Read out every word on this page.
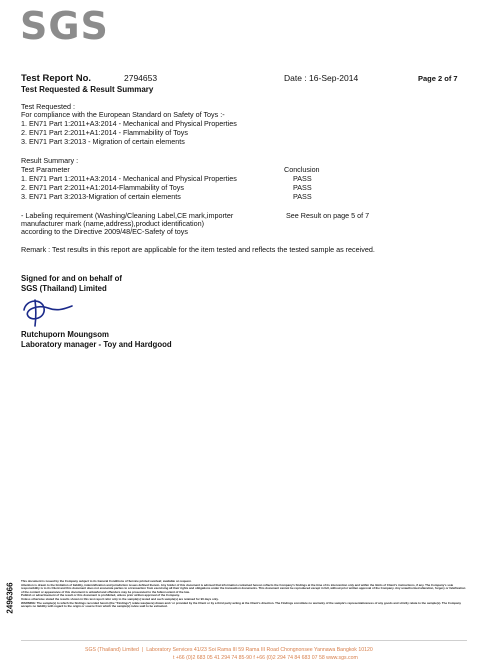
SGS
Test Report No.	2794653	Date : 16-Sep-2014	Page 2 of 7
Test Requested & Result Summary
Test Requested :
For compliance with the European Standard on Safety of Toys :-
1. EN71 Part 1:2011+A3:2014 - Mechanical and Physical Properties
2. EN71 Part 2:2011+A1:2014 - Flammability of Toys
3. EN71 Part 3:2013 - Migration of certain elements
Result Summary :
Test Parameter	Conclusion
1. EN71 Part 1:2011+A3:2014 - Mechanical and Physical Properties	PASS
2. EN71 Part 2:2011+A1:2014-Flammability of Toys	PASS
3. EN71 Part 3:2013-Migration of certain elements	PASS
- Labeling requirement (Washing/Cleaning Label,CE mark,importer
manufacturer mark (name,address),product identification)
according to the Directive 2009/48/EC-Safety of toys
See Result on page 5 of 7
Remark : Test results in this report are applicable for the item tested and reflects the tested sample as received.
Signed for and on behalf of
SGS (Thailand) Limited
Rutchuporn Moungsom
Laboratory manager - Toy and Hardgood
2496366

This document is issued by the Company subject to its General Conditions of Service printed overleaf, available on request.

Attention is drawn to the limitation of liability, indemnification and jurisdiction issues defined therein. Any holder of this document is advised that information contained hereon reflects the Company's findings at the time of its intervention only and within the limits of Client's instructions, if any. The Company's sole responsibility is to its Client and this document does not exonerate parties to a transaction from exercising all their rights and obligations under the transaction documents. This document cannot be reproduced except in full, without prior written approval of the Company. Any unauthorized alteration, forgery or falsification of the content or appearance of this document is unlawful and offenders may be prosecuted to the fullest extent of the law.

Publish or advertisement of the result or this document is prohibited, unless prior written approval of the Company.

Unless otherwise stated the results shown in this test report refer only to the sample(s) tested and such sample(s) are retained for 90 days only.

WARNING: The sample(s) to which the findings recorded herein (the "Findings") relate was(were) drawn and / or provided by the Client or by a third party acting at the Client's direction. The Findings constitute no warranty of the sample's representativeness of any goods and strictly relate to the sample(s). The Company accepts no liability with regard to the origin or source from which the sample(s) is/are said to be extracted.

SGS (Thailand) Limited | Laboratory Services 41/23 Soi Rama III 59 Rama III Road Chongnonsee Yannawa Bangkok 10120
t +66 (0)2 683 05 41 294 74 85-90 f +66 (0)2 294 74 84 683 07 58 www.sgs.com
